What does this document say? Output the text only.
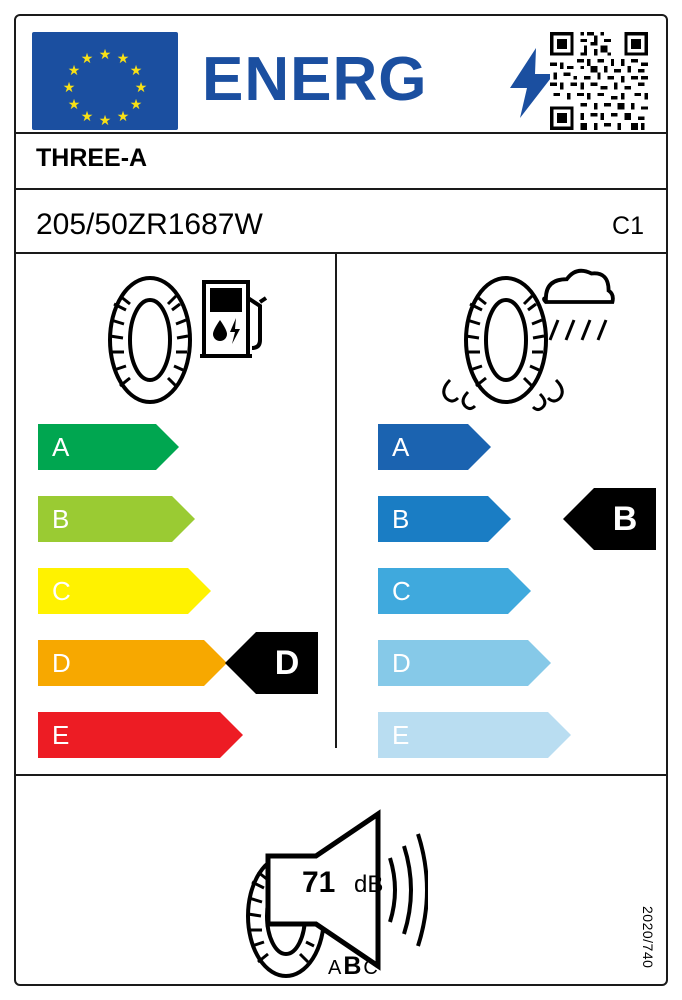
★ ★
★
★
★
★
★
★
★
★
★
★ ENERG
THREE-A
205/50ZR1687W	C1
A
B
C
D
E
D
A
B
C
D
E
B
71 dB
AB C	2020/740
